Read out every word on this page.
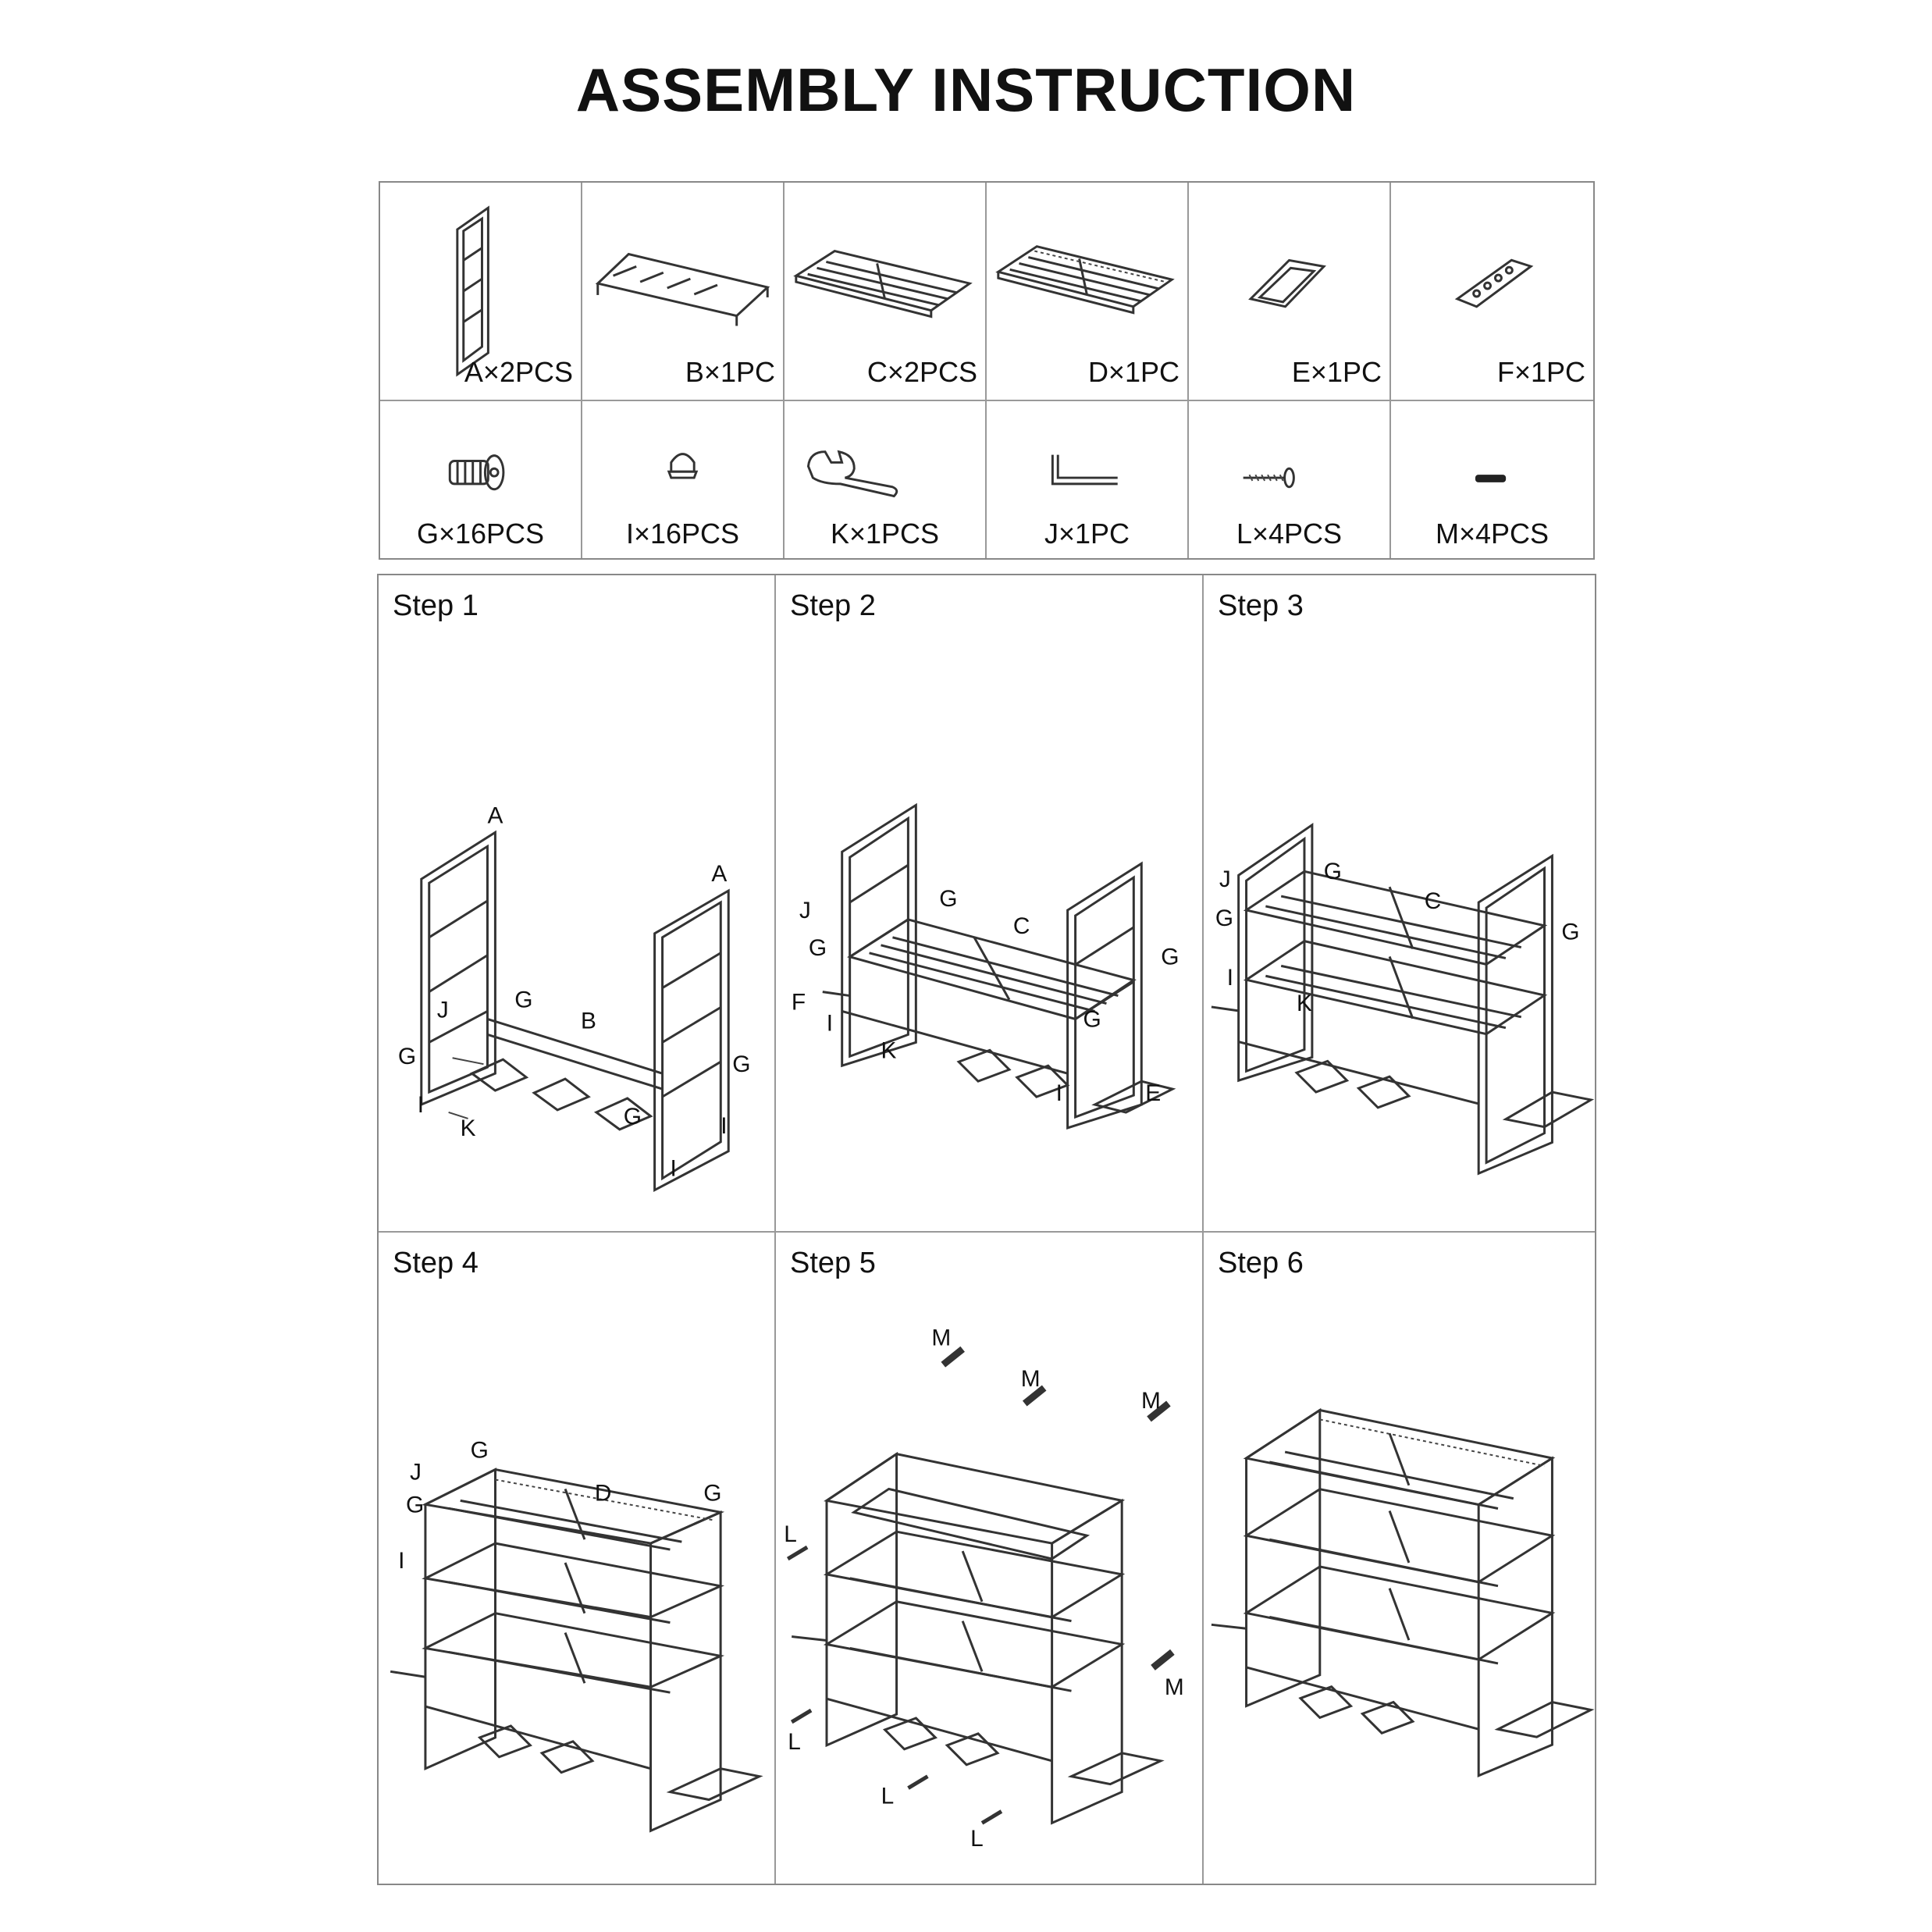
ASSEMBLY INSTRUCTION
A×2PCS	B×1PC	C×2PCS	D×1PC	E×1PC	F×1PC
G×16PCS	I×16PCS	K×1PCS	J×1PC	L×4PCS	M×4PCS
Step 1
A
A
J	G
B
G
G
I
K	G	I
I
Step 2
J	G
G
C
G
F
I
K
G
I	E
Step 3
J	G
G
C
G
I
K
Step 4
G
J
G	D	G
I
Step 5
M
M
M
M
L
L
L
L
Step 6
